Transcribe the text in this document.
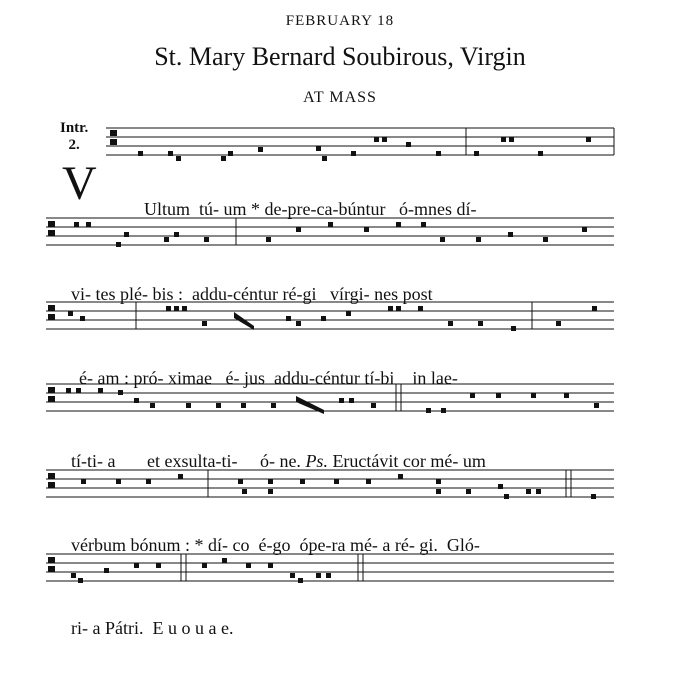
FEBRUARY 18
St. Mary Bernard Soubirous, Virgin
AT MASS
Intr.
2.
V	Ultum tú- um * de-pre-ca-búntur ó-mnes dí-

vi- tes plé- bis : addu-céntur ré-gi vírgi- nes post

é- am : pró- ximae é- jus addu-céntur tí-bi in lae-

tí-ti- a et exsulta-ti- ó- ne. Ps. Eructávit cor mé- um

vérbum bónum : * dí- co é-go ópe-ra mé- a ré- gi. Gló-

ri- a Pátri. E u o u a e.
